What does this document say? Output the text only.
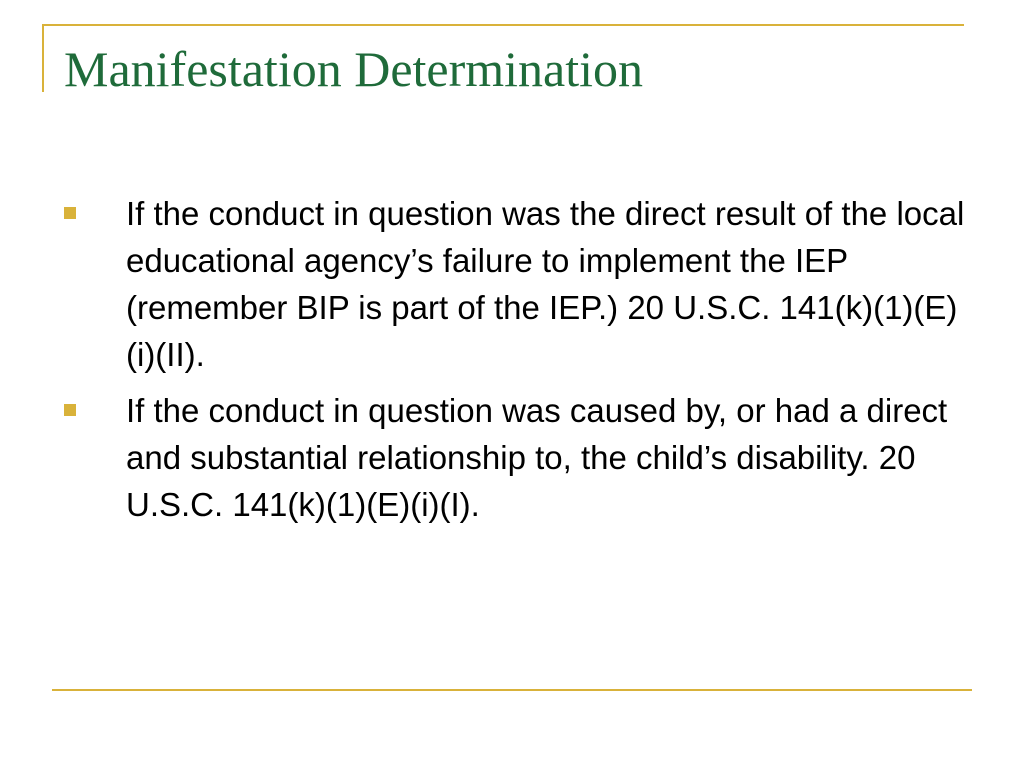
Manifestation Determination
If the conduct in question was the direct result of the local educational agency’s failure to implement the IEP (remember BIP is part of the IEP.) 20 U.S.C. 141(k)(1)(E)(i)(II).
If the conduct in question was caused by, or had a direct and substantial relationship to, the child’s disability. 20 U.S.C. 141(k)(1)(E)(i)(I).
